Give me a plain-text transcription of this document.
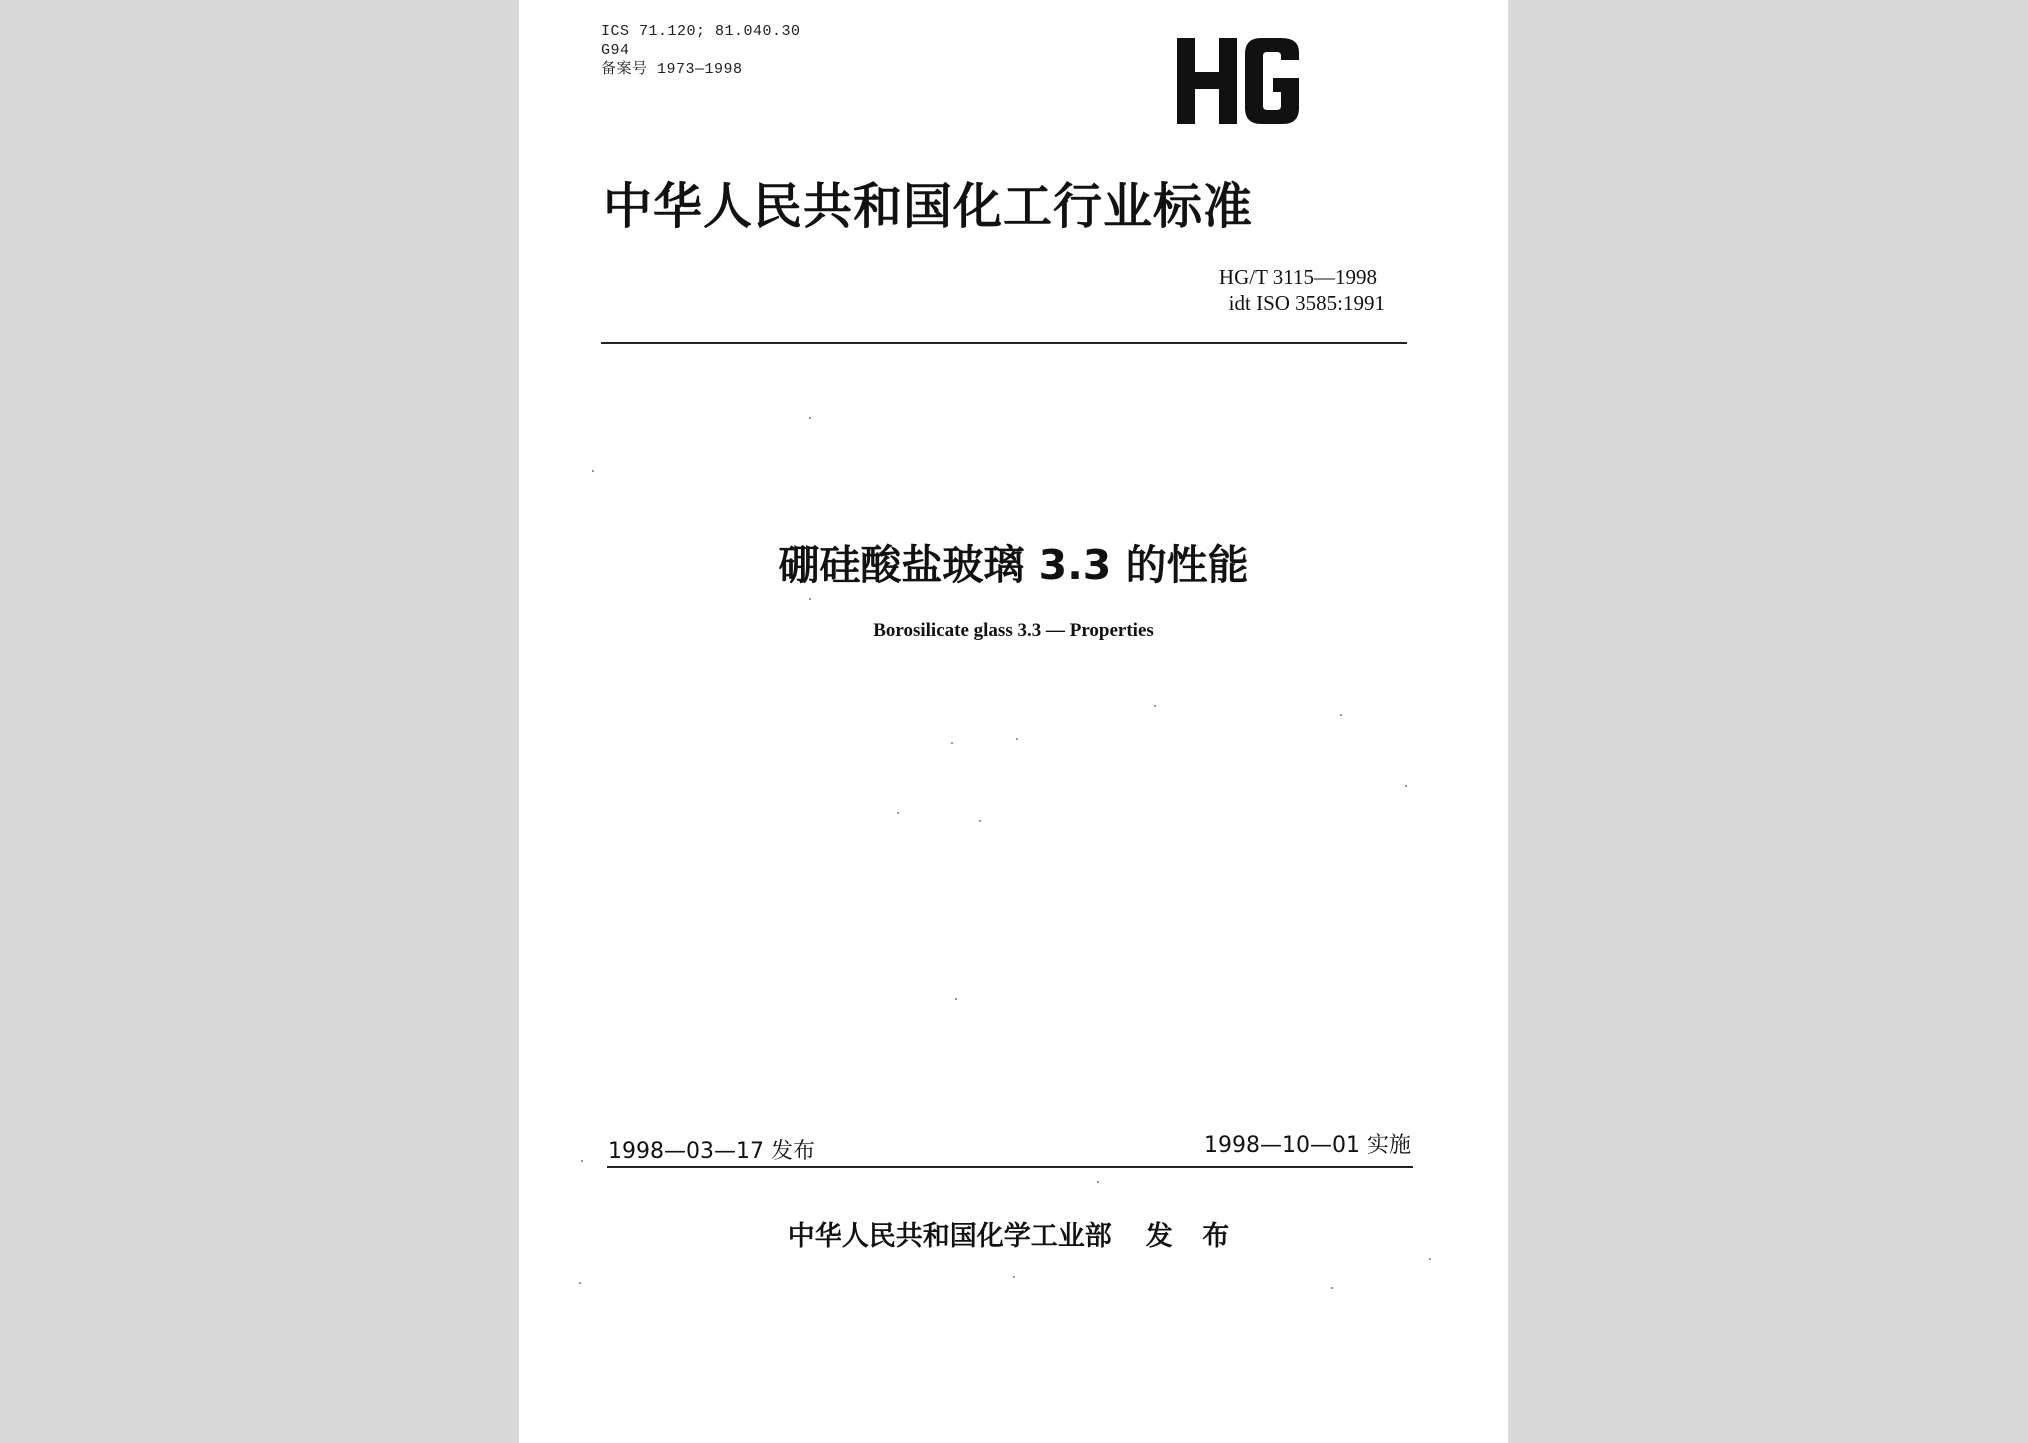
ICS 71.120; 81.040.30
G94
备案号 1973—1998
中华人民共和国化工行业标准
HG/T 3115—1998
idt ISO 3585:1991
硼硅酸盐玻璃 3.3 的性能
Borosilicate glass 3.3 — Properties
1998—03—17 发布	1998—10—01 实施
中华人民共和国化学工业部 发 布
